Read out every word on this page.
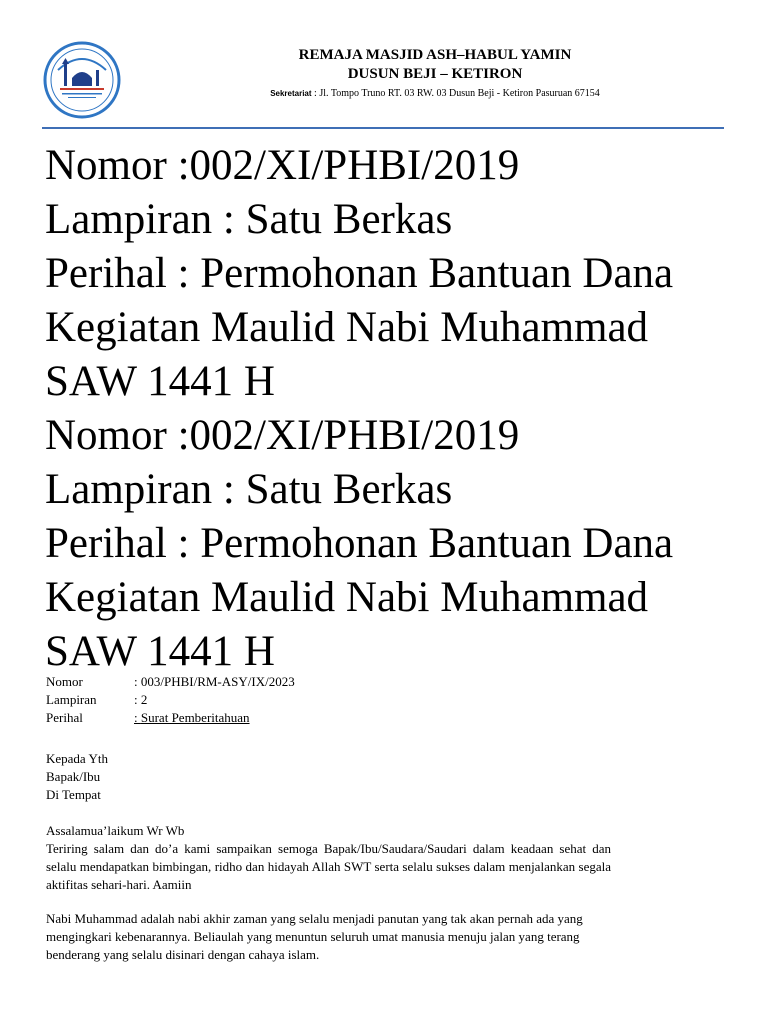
REMAJA MASJID ASH–HABUL YAMIN
DUSUN BEJI – KETIRON
Sekretariat : Jl. Tompo Truno RT. 03 RW. 03 Dusun Beji - Ketiron Pasuruan 67154
Nomor :002/XI/PHBI/2019
Lampiran : Satu Berkas
Perihal : Permohonan Bantuan Dana
Kegiatan Maulid Nabi Muhammad
SAW 1441 H
Nomor :002/XI/PHBI/2019
Lampiran : Satu Berkas
Perihal : Permohonan Bantuan Dana
Kegiatan Maulid Nabi Muhammad
SAW 1441 H
Nomor	: 003/PHBI/RM-ASY/IX/2023
Lampiran	: 2
Perihal	: Surat Pemberitahuan
Kepada Yth
Bapak/Ibu
Di Tempat

Assalamua’laikum Wr Wb

Teriring salam dan do’a kami sampaikan semoga Bapak/Ibu/Saudara/Saudari dalam keadaan sehat dan selalu mendapatkan bimbingan, ridho dan hidayah Allah SWT serta selalu sukses dalam menjalankan segala aktifitas sehari-hari. Aamiin

Nabi Muhammad adalah nabi akhir zaman yang selalu menjadi panutan yang tak akan pernah ada yang mengingkari kebenarannya. Beliaulah yang menuntun seluruh umat manusia menuju jalan yang terang benderang yang selalu disinari dengan cahaya islam.
